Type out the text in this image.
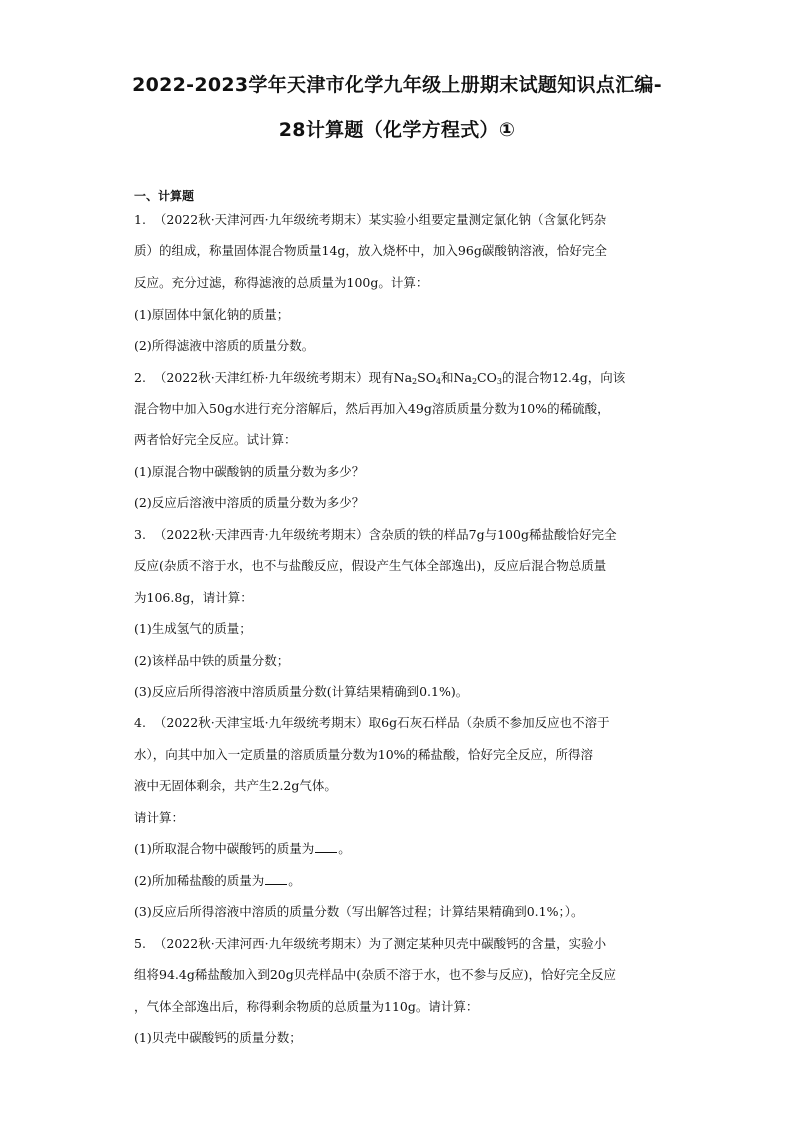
2022-2023学年天津市化学九年级上册期末试题知识点汇编-
28计算题（化学方程式）①
一、计算题
1. （2022秋·天津河西·九年级统考期末）某实验小组要定量测定氯化钠（含氯化钙杂
质）的组成，称量固体混合物质量14g，放入烧杯中，加入96g碳酸钠溶液，恰好完全
反应。充分过滤，称得滤液的总质量为100g。计算：
(1)原固体中氯化钠的质量；
(2)所得滤液中溶质的质量分数。
2. （2022秋·天津红桥·九年级统考期末）现有$Na_2SO_4$和$Na_2CO_3$的混合物12.4g，向该
混合物中加入50g水进行充分溶解后，然后再加入49g溶质质量分数为10%的稀硫酸，
两者恰好完全反应。试计算：
(1)原混合物中碳酸钠的质量分数为多少？
(2)反应后溶液中溶质的质量分数为多少？
3. （2022秋·天津西青·九年级统考期末）含杂质的铁的样品7g与100g稀盐酸恰好完全
反应(杂质不溶于水，也不与盐酸反应，假设产生气体全部逸出)，反应后混合物总质量
为106.8g，请计算：
(1)生成氢气的质量；
(2)该样品中铁的质量分数；
(3)反应后所得溶液中溶质质量分数(计算结果精确到0.1%)。
4. （2022秋·天津宝坻·九年级统考期末）取6g石灰石样品（杂质不参加反应也不溶于
水），向其中加入一定质量的溶质质量分数为10%的稀盐酸，恰好完全反应，所得溶
液中无固体剩余，共产生2.2g气体。
请计算：
(1)所取混合物中碳酸钙的质量为 。
(2)所加稀盐酸的质量为 。
(3)反应后所得溶液中溶质的质量分数（写出解答过程；计算结果精确到0.1%；）。
5. （2022秋·天津河西·九年级统考期末）为了测定某种贝壳中碳酸钙的含量，实验小
组将94.4g稀盐酸加入到20g贝壳样品中(杂质不溶于水，也不参与反应)，恰好完全反应
，气体全部逸出后，称得剩余物质的总质量为110g。请计算：
(1)贝壳中碳酸钙的质量分数；
